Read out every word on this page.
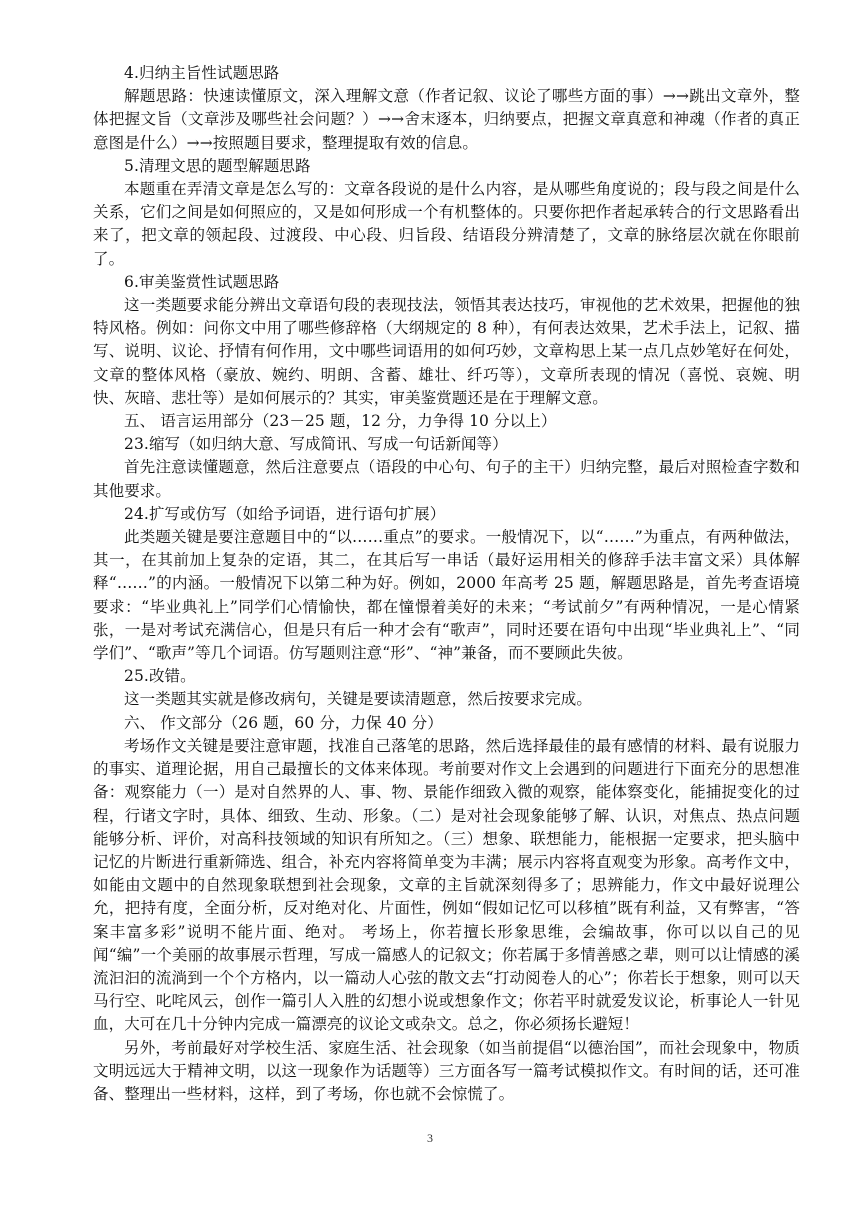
4.归纳主旨性试题思路

解题思路：快速读懂原文，深入理解文意（作者记叙、议论了哪些方面的事）→→跳出文章外，整体把握文旨（文章涉及哪些社会问题？）→→舍末逐本，归纳要点，把握文章真意和神魂（作者的真正意图是什么）→→按照题目要求，整理提取有效的信息。

5.清理文思的题型解题思路

本题重在弄清文章是怎么写的：文章各段说的是什么内容，是从哪些角度说的；段与段之间是什么关系，它们之间是如何照应的，又是如何形成一个有机整体的。只要你把作者起承转合的行文思路看出来了，把文章的领起段、过渡段、中心段、归旨段、结语段分辨清楚了，文章的脉络层次就在你眼前了。

6.审美鉴赏性试题思路

这一类题要求能分辨出文章语句段的表现技法，领悟其表达技巧，审视他的艺术效果，把握他的独特风格。例如：问你文中用了哪些修辞格（大纲规定的 8 种），有何表达效果，艺术手法上，记叙、描写、说明、议论、抒情有何作用，文中哪些词语用的如何巧妙，文章构思上某一点几点妙笔好在何处，文章的整体风格（豪放、婉约、明朗、含蓄、雄壮、纤巧等），文章所表现的情况（喜悦、哀婉、明快、灰暗、悲壮等）是如何展示的？其实，审美鉴赏题还是在于理解文意。

五、 语言运用部分（23－25 题，12 分，力争得 10 分以上）

23.缩写（如归纳大意、写成简讯、写成一句话新闻等）

首先注意读懂题意，然后注意要点（语段的中心句、句子的主干）归纳完整，最后对照检查字数和其他要求。

24.扩写或仿写（如给予词语，进行语句扩展）

此类题关键是要注意题目中的“以……重点”的要求。一般情况下，以“……”为重点，有两种做法，其一，在其前加上复杂的定语，其二，在其后写一串话（最好运用相关的修辞手法丰富文采）具体解释“……”的内涵。一般情况下以第二种为好。例如，2000 年高考 25 题，解题思路是，首先考查语境要求：“毕业典礼上”同学们心情愉快，都在憧憬着美好的未来；“考试前夕”有两种情况，一是心情紧张，一是对考试充满信心，但是只有后一种才会有“歌声”，同时还要在语句中出现“毕业典礼上”、“同学们”、“歌声”等几个词语。仿写题则注意“形”、“神”兼备，而不要顾此失彼。

25.改错。

这一类题其实就是修改病句，关键是要读清题意，然后按要求完成。

六、 作文部分（26 题，60 分，力保 40 分）

考场作文关键是要注意审题，找准自己落笔的思路，然后选择最佳的最有感情的材料、最有说服力的事实、道理论据，用自己最擅长的文体来体现。考前要对作文上会遇到的问题进行下面充分的思想准备：观察能力（一）是对自然界的人、事、物、景能作细致入微的观察，能体察变化，能捕捉变化的过程，行诸文字时，具体、细致、生动、形象。（二）是对社会现象能够了解、认识，对焦点、热点问题能够分析、评价，对高科技领域的知识有所知之。（三）想象、联想能力，能根据一定要求，把头脑中记忆的片断进行重新筛选、组合，补充内容将简单变为丰满；展示内容将直观变为形象。高考作文中，如能由文题中的自然现象联想到社会现象，文章的主旨就深刻得多了；思辨能力，作文中最好说理公允，把持有度，全面分析，反对绝对化、片面性，例如“假如记忆可以移植”既有利益，又有弊害，“答案丰富多彩”说明不能片面、绝对。 考场上，你若擅长形象思维，会编故事，你可以以自己的见闻“编”一个美丽的故事展示哲理，写成一篇感人的记叙文；你若属于多情善感之辈，则可以让情感的溪流汩汩的流淌到一个个方格内，以一篇动人心弦的散文去“打动阅卷人的心”；你若长于想象，则可以天马行空、叱咤风云，创作一篇引人入胜的幻想小说或想象作文；你若平时就爱发议论，析事论人一针见血，大可在几十分钟内完成一篇漂亮的议论文或杂文。总之，你必须扬长避短！

另外，考前最好对学校生活、家庭生活、社会现象（如当前提倡“以德治国”，而社会现象中，物质文明远远大于精神文明，以这一现象作为话题等）三方面各写一篇考试模拟作文。有时间的话，还可准备、整理出一些材料，这样，到了考场，你也就不会惊慌了。

3
